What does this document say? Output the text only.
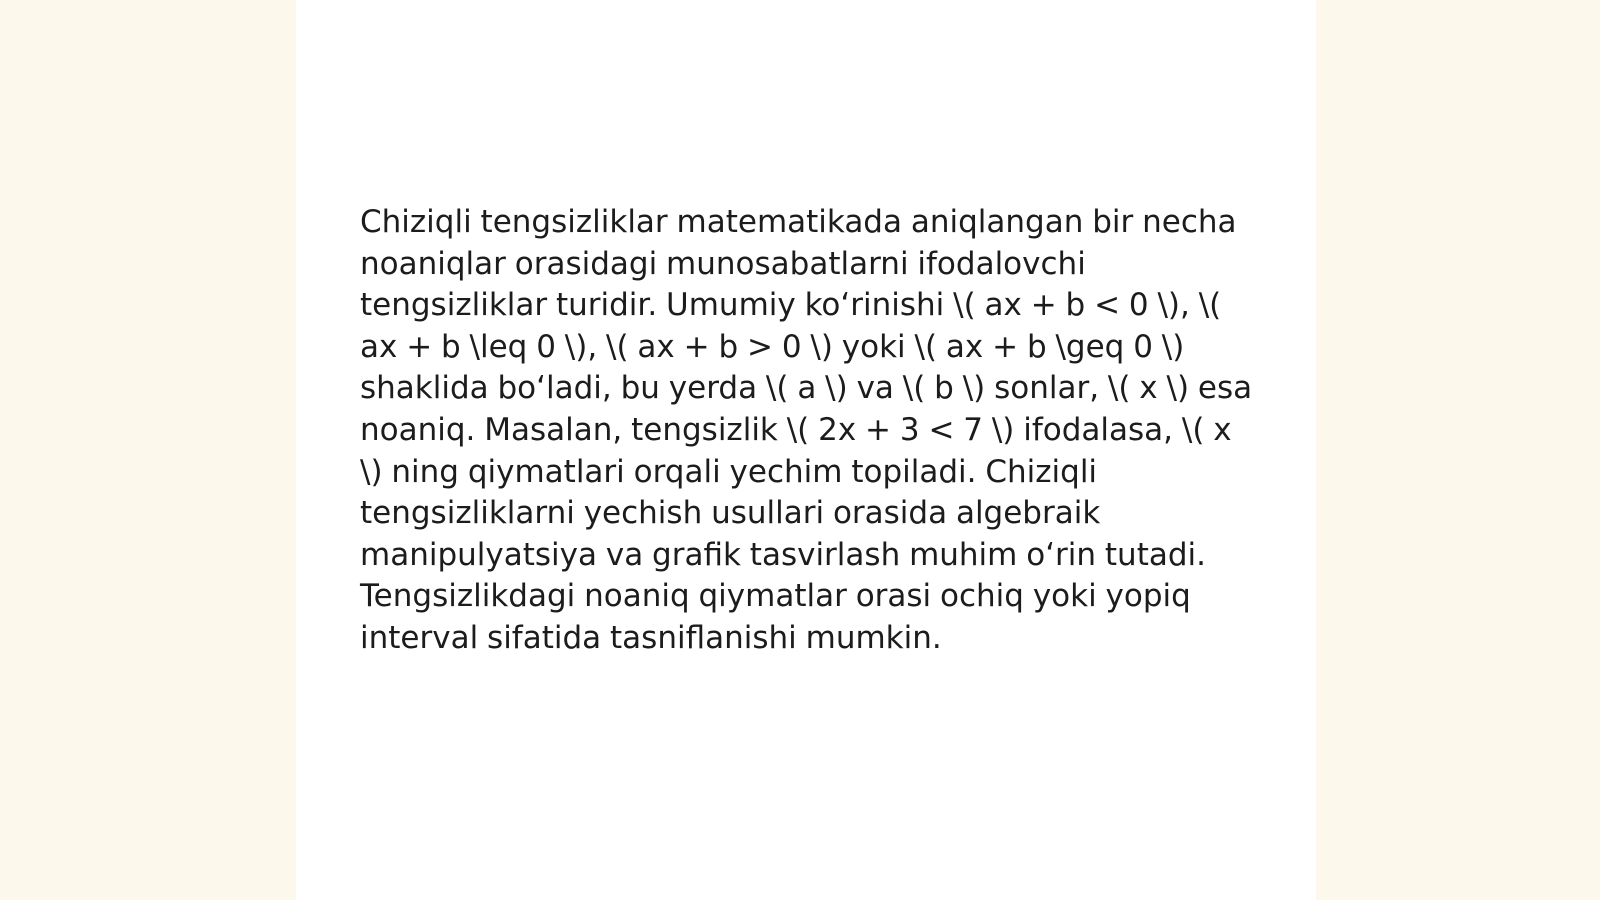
Chiziqli tengsizliklar matematikada aniqlangan bir necha noaniqlar orasidagi munosabatlarni ifodalovchi tengsizliklar turidir. Umumiy koʻrinishi \( ax + b < 0 \), \( ax + b \leq 0 \), \( ax + b > 0 \) yoki \( ax + b \geq 0 \) shaklida boʻladi, bu yerda \( a \) va \( b \) sonlar, \( x \) esa noaniq. Masalan, tengsizlik \( 2x + 3 < 7 \) ifodalasa, \( x \) ning qiymatlari orqali yechim topiladi. Chiziqli tengsizliklarni yechish usullari orasida algebraik manipulyatsiya va grafik tasvirlash muhim oʻrin tutadi. Tengsizlikdagi noaniq qiymatlar orasi ochiq yoki yopiq interval sifatida tasniflanishi mumkin.
